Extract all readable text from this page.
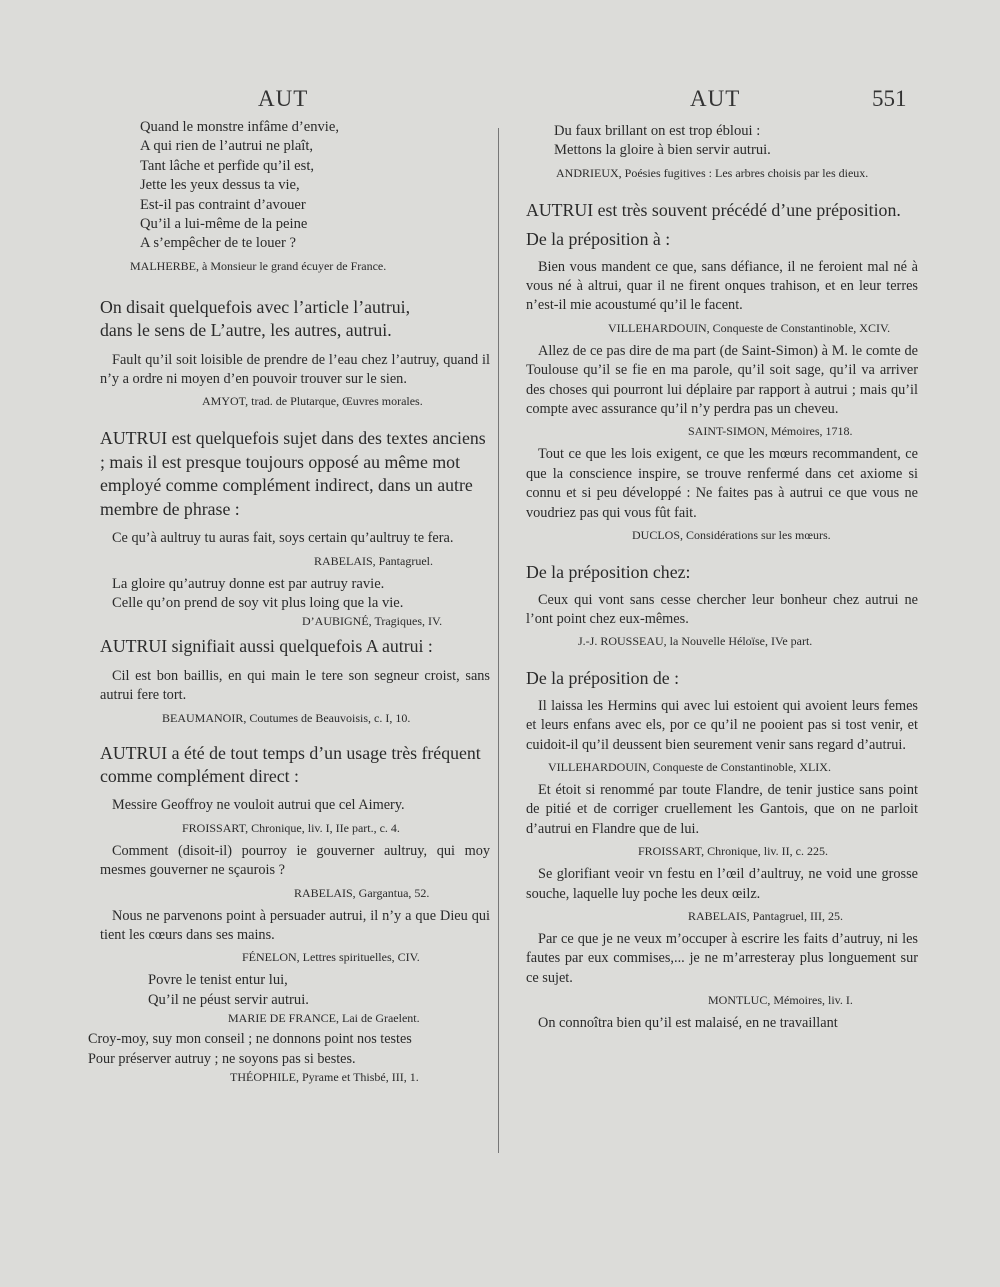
AUT	AUT	551
Quand le monstre infâme d’envie,
A qui rien de l’autrui ne plaît,
Tant lâche et perfide qu’il est,
Jette les yeux dessus ta vie,
Est-il pas contraint d’avouer
Qu’il a lui-même de la peine
A s’empêcher de te louer ?
MALHERBE, à Monsieur le grand écuyer de France.
On disait quelquefois avec l’article l’autrui,
dans le sens de L’autre, les autres, autrui.

Fault qu’il soit loisible de prendre de l’eau chez l’autruy, quand il n’y a ordre ni moyen d’en pouvoir trouver sur le sien.

AMYOT, trad. de Plutarque, Œuvres morales.
AUTRUI est quelquefois sujet dans des textes anciens ; mais il est presque toujours opposé au même mot employé comme complément indirect, dans un autre membre de phrase :

Ce qu’à aultruy tu auras fait, soys certain qu’aultruy te fera.

RABELAIS, Pantagruel.
La gloire qu’autruy donne est par autruy ravie.
Celle qu’on prend de soy vit plus loing que la vie.
D’AUBIGNÉ, Tragiques, IV.
AUTRUI signifiait aussi quelquefois A autrui :

Cil est bon baillis, en qui main le tere son segneur croist, sans autrui fere tort.

BEAUMANOIR, Coutumes de Beauvoisis, c. I, 10.
AUTRUI a été de tout temps d’un usage très fréquent comme complément direct :

Messire Geoffroy ne vouloit autrui que cel Aimery.

FROISSART, Chronique, liv. I, IIe part., c. 4.

Comment (disoit-il) pourroy ie gouverner aultruy, qui moy mesmes gouverner ne sçaurois ?

RABELAIS, Gargantua, 52.

Nous ne parvenons point à persuader autrui, il n’y a que Dieu qui tient les cœurs dans ses mains.

FÉNELON, Lettres spirituelles, CIV.
Povre le tenist entur lui,
Qu’il ne péust servir autrui.
MARIE DE FRANCE, Lai de Graelent.
Croy-moy, suy mon conseil ; ne donnons point nos testes
Pour préserver autruy ; ne soyons pas si bestes.
THÉOPHILE, Pyrame et Thisbé, III, 1.
Du faux brillant on est trop ébloui :
Mettons la gloire à bien servir autrui.
ANDRIEUX, Poésies fugitives : Les arbres choisis par les dieux.
AUTRUI est très souvent précédé d’une préposition.
De la préposition à :

Bien vous mandent ce que, sans défiance, il ne feroient mal né à vous né à altrui, quar il ne firent onques trahison, et en leur terres n’est-il mie acoustumé qu’il le facent.

VILLEHARDOUIN, Conqueste de Constantinoble, XCIV.

Allez de ce pas dire de ma part (de Saint-Simon) à M. le comte de Toulouse qu’il se fie en ma parole, qu’il soit sage, qu’il va arriver des choses qui pourront lui déplaire par rapport à autrui ; mais qu’il compte avec assurance qu’il n’y perdra pas un cheveu.

SAINT-SIMON, Mémoires, 1718.

Tout ce que les lois exigent, ce que les mœurs recommandent, ce que la conscience inspire, se trouve renfermé dans cet axiome si connu et si peu développé : Ne faites pas à autrui ce que vous ne voudriez pas qui vous fût fait.

DUCLOS, Considérations sur les mœurs.
De la préposition chez:

Ceux qui vont sans cesse chercher leur bonheur chez autrui ne l’ont point chez eux-mêmes.

J.-J. ROUSSEAU, la Nouvelle Héloïse, IVe part.
De la préposition de :

Il laissa les Hermins qui avec lui estoient qui avoient leurs femes et leurs enfans avec els, por ce qu’il ne pooient pas si tost venir, et cuidoit-il qu’il deussent bien seurement venir sans regard d’autrui.

VILLEHARDOUIN, Conqueste de Constantinoble, XLIX.

Et étoit si renommé par toute Flandre, de tenir justice sans point de pitié et de corriger cruellement les Gantois, que on ne parloit d’autrui en Flandre que de lui.

FROISSART, Chronique, liv. II, c. 225.

Se glorifiant veoir vn festu en l’œil d’aultruy, ne void une grosse souche, laquelle luy poche les deux œilz.

RABELAIS, Pantagruel, III, 25.

Par ce que je ne veux m’occuper à escrire les faits d’autruy, ni les fautes par eux commises,... je ne m’arresteray plus longuement sur ce sujet.

MONTLUC, Mémoires, liv. I.

On connoîtra bien qu’il est malaisé, en ne travaillant
